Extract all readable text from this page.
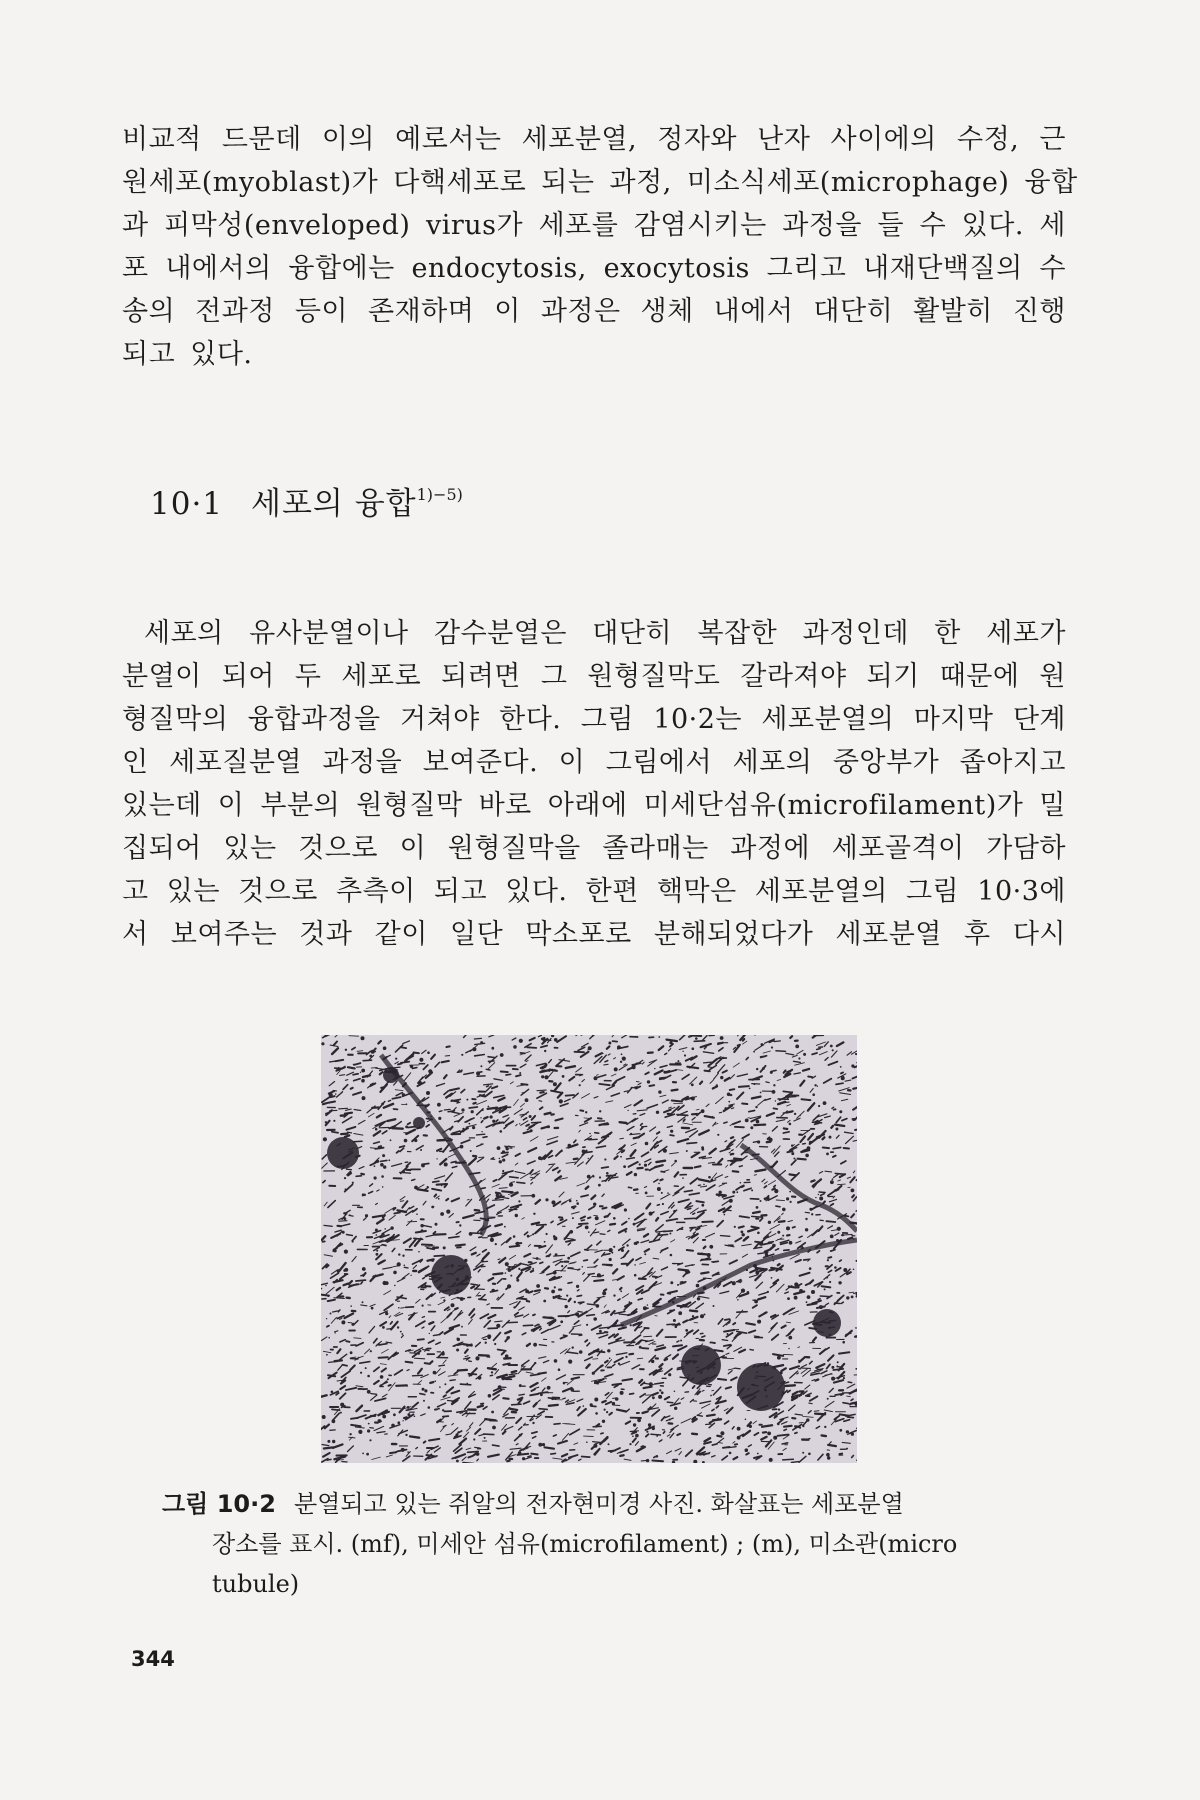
비교적 드문데 이의 예로서는 세포분열, 정자와 난자 사이에의 수정, 근
원세포(myoblast)가 다핵세포로 되는 과정, 미소식세포(microphage) 융합
과 피막성(enveloped) virus가 세포를 감염시키는 과정을 들 수 있다. 세
포 내에서의 융합에는 endocytosis, exocytosis 그리고 내재단백질의 수
송의 전과정 등이 존재하며 이 과정은 생체 내에서 대단히 활발히 진행
되고 있다.
10·1 세포의 융합$^{1)-5)}$
세포의 유사분열이나 감수분열은 대단히 복잡한 과정인데 한 세포가
분열이 되어 두 세포로 되려면 그 원형질막도 갈라져야 되기 때문에 원
형질막의 융합과정을 거쳐야 한다. 그림 10·2는 세포분열의 마지막 단계
인 세포질분열 과정을 보여준다. 이 그림에서 세포의 중앙부가 좁아지고
있는데 이 부분의 원형질막 바로 아래에 미세단섬유(microfilament)가 밀
집되어 있는 것으로 이 원형질막을 졸라매는 과정에 세포골격이 가담하
고 있는 것으로 추측이 되고 있다. 한편 핵막은 세포분열의 그림 10·3에
서 보여주는 것과 같이 일단 막소포로 분해되었다가 세포분열 후 다시
그림 10·2 분열되고 있는 쥐알의 전자현미경 사진. 화살표는 세포분열
장소를 표시. (mf), 미세안 섬유(microfilament) ; (m), 미소관(micro
tubule)
344
